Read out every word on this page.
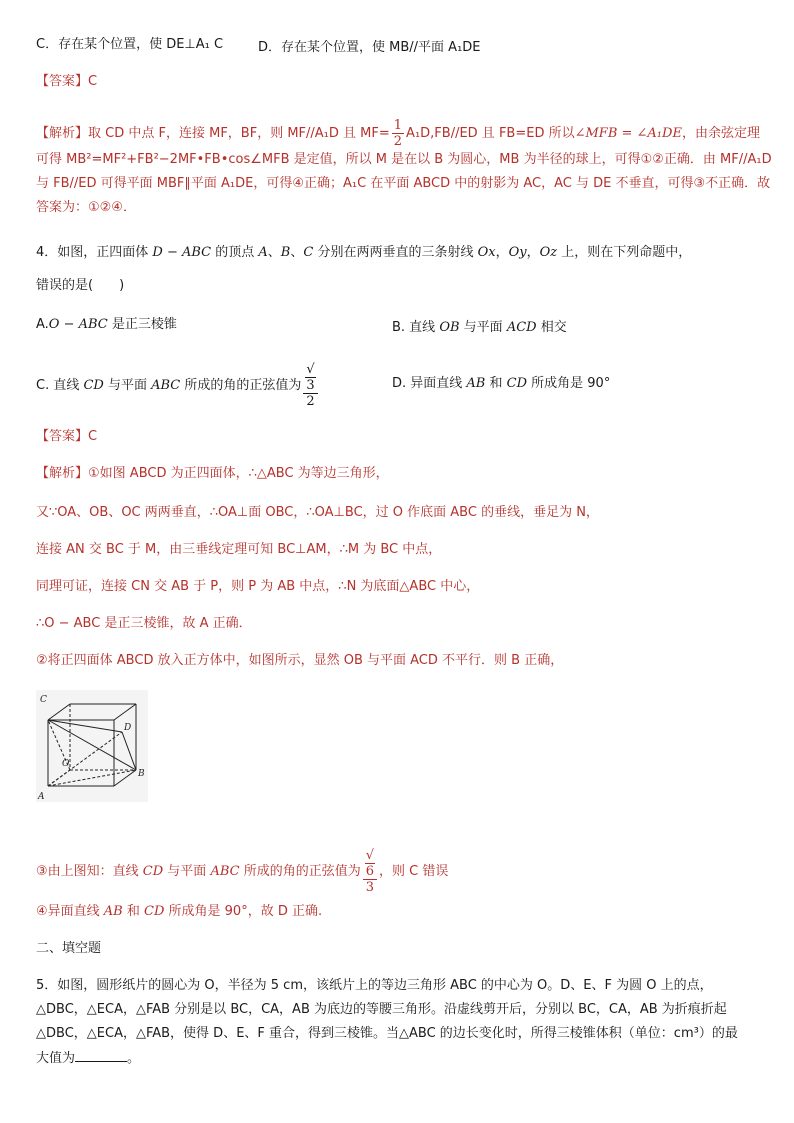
C．存在某个位置，使 DE⊥A₁ C	D．存在某个位置，使 MB//平面 A₁DE
【答案】C
【解析】取 CD 中点 F，连接 MF，BF，则 MF//A₁D 且 $MF= \frac{1}{2} A_1D,FB//ED$ 且 FB=ED 所以∠MFB = ∠A₁DE，由余弦定理
可得 MB²=MF²+FB²−2MF•FB•cos∠MFB 是定值，所以 M 是在以 B 为圆心，MB 为半径的球上，可得①②正确．由 MF//A₁D
与 FB//ED 可得平面 MBF∥平面 A₁DE，可得④正确；A₁C 在平面 ABCD 中的射影为 AC，AC 与 DE 不垂直，可得③不正确．故
答案为：①②④．
4．如图，正四面体 D − ABC 的顶点 A、B、C 分别在两两垂直的三条射线 Ox，Oy，Oz 上，则在下列命题中，
错误的是(　　)
A.O − ABC 是正三棱锥	B. 直线 OB 与平面 ACD 相交
C. 直线 CD 与平面 ABC 所成的角的正弦值为 √
3
2	D. 异面直线 AB 和 CD 所成角是 90°
【答案】C
【解析】①如图 ABCD 为正四面体，∴△ABC 为等边三角形，
又∵OA、OB、OC 两两垂直，∴OA⊥面 OBC，∴OA⊥BC，过 O 作底面 ABC 的垂线，垂足为 N，
连接 AN 交 BC 于 M，由三垂线定理可知 BC⊥AM，∴M 为 BC 中点，
同理可证，连接 CN 交 AB 于 P，则 P 为 AB 中点，∴N 为底面△ABC 中心，
∴O − ABC 是正三棱锥，故 A 正确．
②将正四面体 ABCD 放入正方体中，如图所示，显然 OB 与平面 ACD 不平行．则 B 正确，
C
D
O
B
A
③由上图知：直线 CD 与平面 ABC 所成的角的正弦值为 √
6
3 ，则 C 错误
④异面直线 AB 和 CD 所成角是 90°，故 D 正确.
二、填空题
5．如图，圆形纸片的圆心为 O，半径为 5 cm，该纸片上的等边三角形 ABC 的中心为 O。D、E、F 为圆 O 上的点，
△DBC，△ECA，△FAB 分别是以 BC，CA，AB 为底边的等腰三角形。沿虚线剪开后，分别以 BC，CA，AB 为折痕折起
△DBC，△ECA，△FAB，使得 D、E、F 重合，得到三棱锥。当△ABC 的边长变化时，所得三棱锥体积（单位：cm³）的最
大值为	。
